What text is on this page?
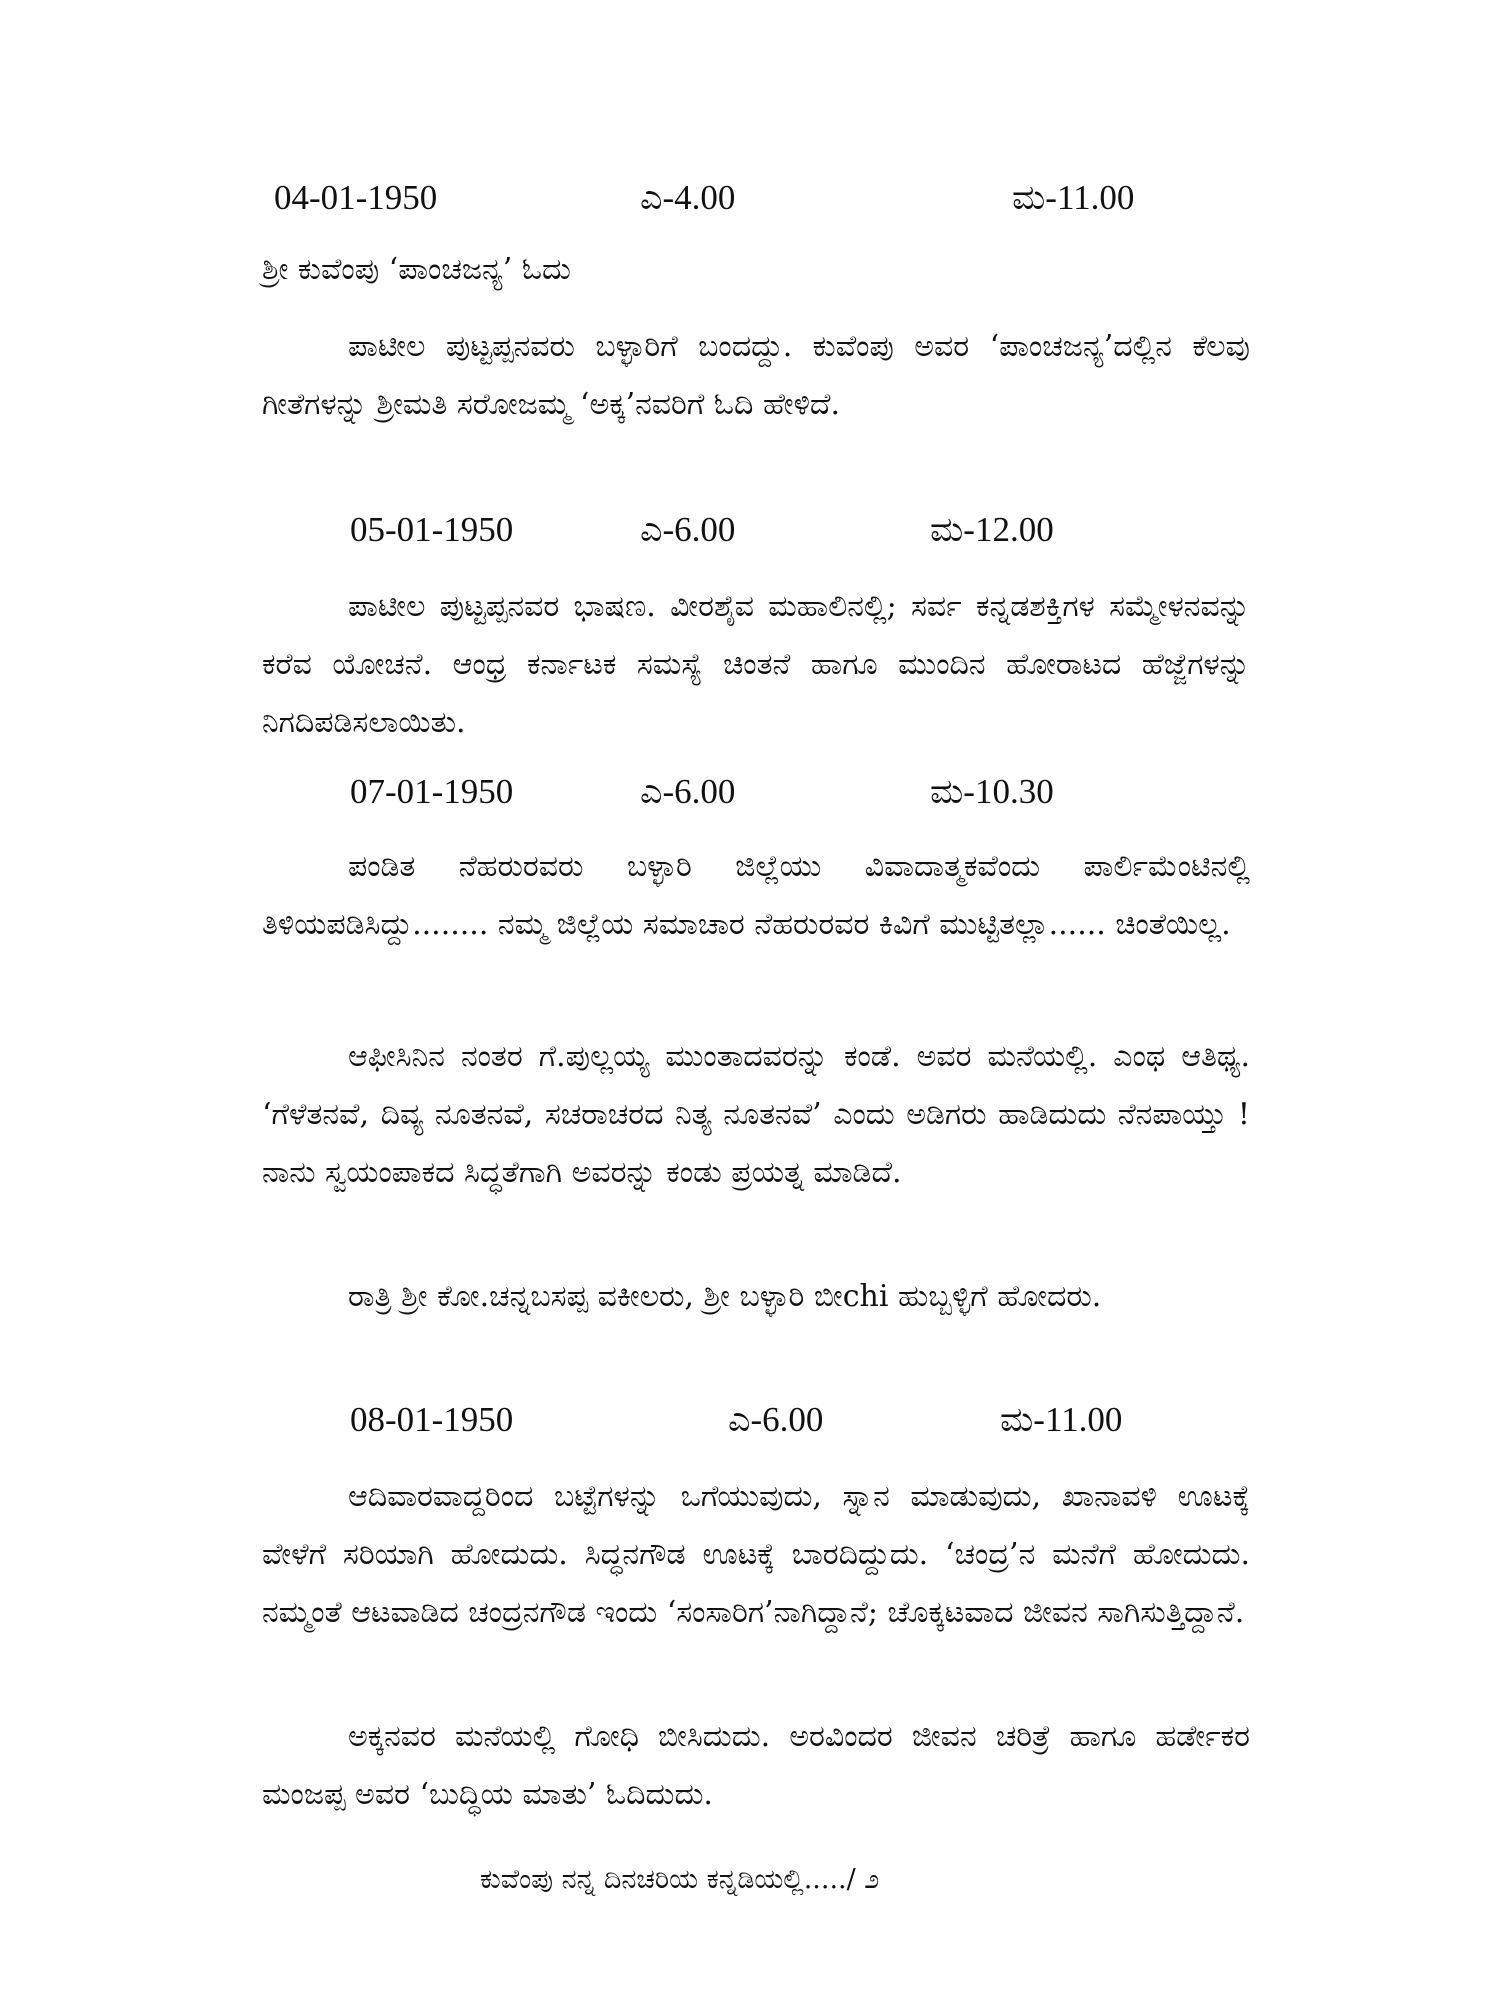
04-01-1950	ಎ-4.00	ಮ-11.00
ಶ್ರೀ ಕುವೆಂಪು ‘ಪಾಂಚಜನ್ಯ’ ಓದು
ಪಾಟೀಲ ಪುಟ್ಟಪ್ಪನವರು ಬಳ್ಳಾರಿಗೆ ಬಂದದ್ದು. ಕುವೆಂಪು ಅವರ ‘ಪಾಂಚಜನ್ಯ’ದಲ್ಲಿನ ಕೆಲವು ಗೀತೆಗಳನ್ನು ಶ್ರೀಮತಿ ಸರೋಜಮ್ಮ ‘ಅಕ್ಕ’ನವರಿಗೆ ಓದಿ ಹೇಳಿದೆ.
05-01-1950	ಎ-6.00	ಮ-12.00
ಪಾಟೀಲ ಪುಟ್ಟಪ್ಪನವರ ಭಾಷಣ. ವೀರಶೈವ ಮಹಾಲಿನಲ್ಲಿ; ಸರ್ವ ಕನ್ನಡಶಕ್ತಿಗಳ ಸಮ್ಮೇಳನವನ್ನು ಕರೆವ ಯೋಚನೆ. ಆಂಧ್ರ ಕರ್ನಾಟಕ ಸಮಸ್ಯೆ ಚಿಂತನೆ ಹಾಗೂ ಮುಂದಿನ ಹೋರಾಟದ ಹೆಜ್ಜೆಗಳನ್ನು ನಿಗದಿಪಡಿಸಲಾಯಿತು.
07-01-1950	ಎ-6.00	ಮ-10.30
ಪಂಡಿತ ನೆಹರುರವರು ಬಳ್ಳಾರಿ ಜಿಲ್ಲೆಯು ವಿವಾದಾತ್ಮಕವೆಂದು ಪಾರ್ಲಿಮೆಂಟಿನಲ್ಲಿ ತಿಳಿಯಪಡಿಸಿದ್ದು........ ನಮ್ಮ ಜಿಲ್ಲೆಯ ಸಮಾಚಾರ ನೆಹರುರವರ ಕಿವಿಗೆ ಮುಟ್ಟಿತಲ್ಲಾ...... ಚಿಂತೆಯಿಲ್ಲ.
ಆಫೀಸಿನಿನ ನಂತರ ಗೆ.ಪುಲ್ಲಯ್ಯ ಮುಂತಾದವರನ್ನು ಕಂಡೆ. ಅವರ ಮನೆಯಲ್ಲಿ. ಎಂಥ ಆತಿಥ್ಯ. ‘ಗೆಳೆತನವೆ, ದಿವ್ಯ ನೂತನವೆ, ಸಚರಾಚರದ ನಿತ್ಯ ನೂತನವೆ’ ಎಂದು ಅಡಿಗರು ಹಾಡಿದುದು ನೆನಪಾಯ್ತು ! ನಾನು ಸ್ವಯಂಪಾಕದ ಸಿದ್ಧತೆಗಾಗಿ ಅವರನ್ನು ಕಂಡು ಪ್ರಯತ್ನ ಮಾಡಿದೆ.
ರಾತ್ರಿ ಶ್ರೀ ಕೋ.ಚನ್ನಬಸಪ್ಪ ವಕೀಲರು, ಶ್ರೀ ಬಳ್ಳಾರಿ ಬೀchi ಹುಬ್ಬಳ್ಳಿಗೆ ಹೋದರು.
08-01-1950	ಎ-6.00	ಮ-11.00
ಆದಿವಾರವಾದ್ದರಿಂದ ಬಟ್ಟೆಗಳನ್ನು ಒಗೆಯುವುದು, ಸ್ನಾನ ಮಾಡುವುದು, ಖಾನಾವಳಿ ಊಟಕ್ಕೆ ವೇಳೆಗೆ ಸರಿಯಾಗಿ ಹೋದುದು. ಸಿದ್ಧನಗೌಡ ಊಟಕ್ಕೆ ಬಾರದಿದ್ದುದು. ‘ಚಂದ್ರ’ನ ಮನೆಗೆ ಹೋದುದು. ನಮ್ಮಂತೆ ಆಟವಾಡಿದ ಚಂದ್ರನಗೌಡ ಇಂದು ‘ಸಂಸಾರಿಗ’ನಾಗಿದ್ದಾನೆ; ಚೊಕ್ಕಟವಾದ ಜೀವನ ಸಾಗಿಸುತ್ತಿದ್ದಾನೆ.
ಅಕ್ಕನವರ ಮನೆಯಲ್ಲಿ ಗೋಧಿ ಬೀಸಿದುದು. ಅರವಿಂದರ ಜೀವನ ಚರಿತ್ರೆ ಹಾಗೂ ಹರ್ಡೇಕರ ಮಂಜಪ್ಪ ಅವರ ‘ಬುದ್ಧಿಯ ಮಾತು’ ಓದಿದುದು.
ಕುವೆಂಪು ನನ್ನ ದಿನಚರಿಯ ಕನ್ನಡಿಯಲ್ಲಿ...../ ೨
